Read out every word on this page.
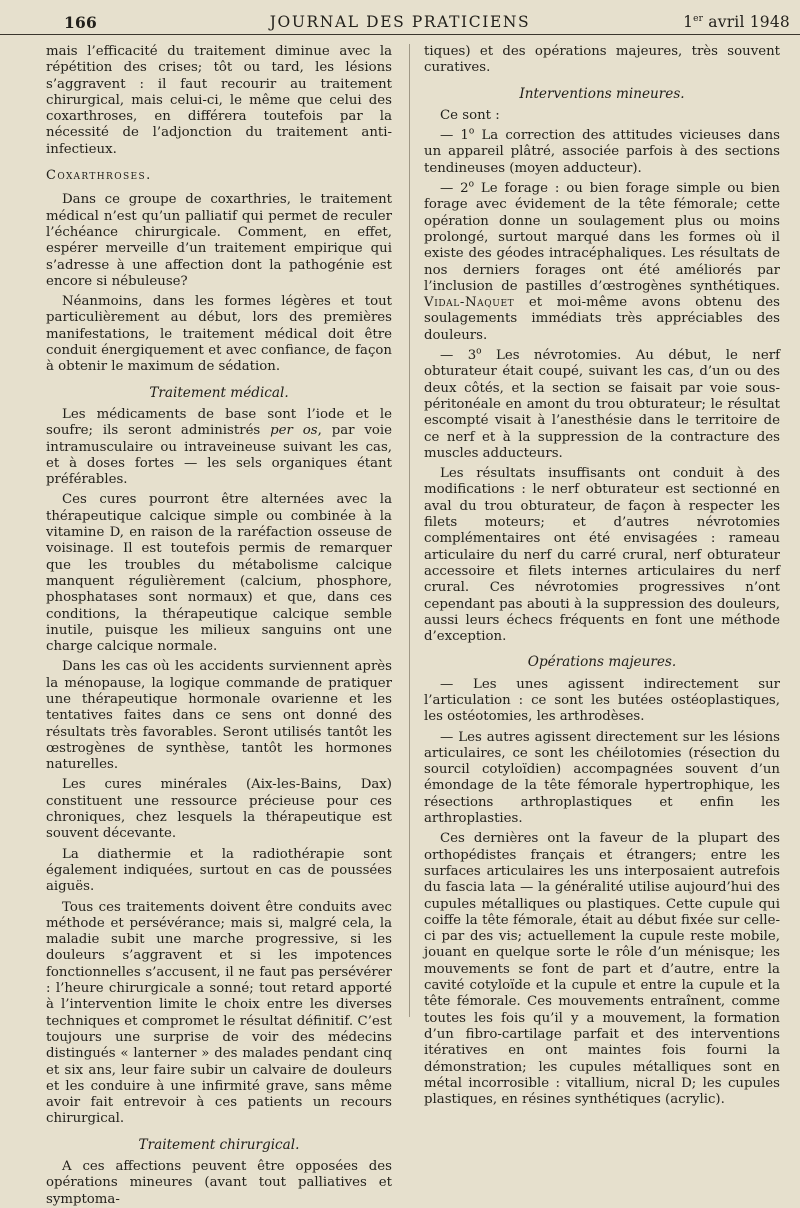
166	JOURNAL DES PRATICIENS	1er avril 1948

mais l’efficacité du traitement diminue avec la répétition des crises; tôt ou tard, les lésions s’aggravent : il faut recourir au traitement chirurgical, mais celui-ci, le même que celui des coxarthroses, en différera toutefois par la nécessité de l’adjonction du traitement anti-infectieux.

Coxarthroses.

Dans ce groupe de coxarthries, le traitement médical n’est qu’un palliatif qui permet de reculer l’échéance chirurgicale. Comment, en effet, espérer merveille d’un traitement empirique qui s’adresse à une affection dont la pathogénie est encore si nébuleuse?

Néanmoins, dans les formes légères et tout particulièrement au début, lors des premières manifestations, le traitement médical doit être conduit énergiquement et avec confiance, de façon à obtenir le maximum de sédation.

Traitement médical.

Les médicaments de base sont l’iode et le soufre; ils seront administrés per os, par voie intramusculaire ou intraveineuse suivant les cas, et à doses fortes — les sels organiques étant préférables.

Ces cures pourront être alternées avec la thérapeutique calcique simple ou combinée à la vitamine D, en raison de la raréfaction osseuse de voisinage. Il est toutefois permis de remarquer que les troubles du métabolisme calcique manquent régulièrement (calcium, phosphore, phosphatases sont normaux) et que, dans ces conditions, la thérapeutique calcique semble inutile, puisque les milieux sanguins ont une charge calcique normale.

Dans les cas où les accidents surviennent après la ménopause, la logique commande de pratiquer une thérapeutique hormonale ovarienne et les tentatives faites dans ce sens ont donné des résultats très favorables. Seront utilisés tantôt les œstrogènes de synthèse, tantôt les hormones naturelles.

Les cures minérales (Aix-les-Bains, Dax) constituent une ressource précieuse pour ces chroniques, chez lesquels la thérapeutique est souvent décevante.

La diathermie et la radiothérapie sont également indiquées, surtout en cas de poussées aiguës.

Tous ces traitements doivent être conduits avec méthode et persévérance; mais si, malgré cela, la maladie subit une marche progressive, si les douleurs s’aggravent et si les impotences fonctionnelles s’accusent, il ne faut pas persévérer : l’heure chirurgicale a sonné; tout retard apporté à l’intervention limite le choix entre les diverses techniques et compromet le résultat définitif. C’est toujours une surprise de voir des médecins distingués « lanterner » des malades pendant cinq et six ans, leur faire subir un calvaire de douleurs et les conduire à une infirmité grave, sans même avoir fait entrevoir à ces patients un recours chirurgical.

Traitement chirurgical.

A ces affections peuvent être opposées des opérations mineures (avant tout palliatives et symptoma-

tiques) et des opérations majeures, très souvent curatives.

Interventions mineures.

Ce sont :

— 1$^o$ La correction des attitudes vicieuses dans un appareil plâtré, associée parfois à des sections tendineuses (moyen adducteur).

— 2$^o$ Le forage : ou bien forage simple ou bien forage avec évidement de la tête fémorale; cette opération donne un soulagement plus ou moins prolongé, surtout marqué dans les formes où il existe des géodes intracéphaliques. Les résultats de nos derniers forages ont été améliorés par l’inclusion de pastilles d’œstrogènes synthétiques. Vidal-Naquet et moi-même avons obtenu des soulagements immédiats très appréciables des douleurs.

— 3$^o$ Les névrotomies. Au début, le nerf obturateur était coupé, suivant les cas, d’un ou des deux côtés, et la section se faisait par voie sous-péritonéale en amont du trou obturateur; le résultat escompté visait à l’anesthésie dans le territoire de ce nerf et à la suppression de la contracture des muscles adducteurs.

Les résultats insuffisants ont conduit à des modifications : le nerf obturateur est sectionné en aval du trou obturateur, de façon à respecter les filets moteurs; et d’autres névrotomies complémentaires ont été envisagées : rameau articulaire du nerf du carré crural, nerf obturateur accessoire et filets internes articulaires du nerf crural. Ces névrotomies progressives n’ont cependant pas abouti à la suppression des douleurs, aussi leurs échecs fréquents en font une méthode d’exception.

Opérations majeures.

— Les unes agissent indirectement sur l’articulation : ce sont les butées ostéoplastiques, les ostéotomies, les arthrodèses.

— Les autres agissent directement sur les lésions articulaires, ce sont les chéilotomies (résection du sourcil cotyloïdien) accompagnées souvent d’un émondage de la tête fémorale hypertrophique, les résections arthroplastiques et enfin les arthroplasties.

Ces dernières ont la faveur de la plupart des orthopédistes français et étrangers; entre les surfaces articulaires les uns interposaient autrefois du fascia lata — la généralité utilise aujourd’hui des cupules métalliques ou plastiques. Cette cupule qui coiffe la tête fémorale, était au début fixée sur celle-ci par des vis; actuellement la cupule reste mobile, jouant en quelque sorte le rôle d’un ménisque; les mouvements se font de part et d’autre, entre la cavité cotyloïde et la cupule et entre la cupule et la tête fémorale. Ces mouvements entraînent, comme toutes les fois qu’il y a mouvement, la formation d’un fibro-cartilage parfait et des interventions itératives en ont maintes fois fourni la démonstration; les cupules métalliques sont en métal incorrosible : vitallium, nicral D; les cupules plastiques, en résines synthétiques (acrylic).
